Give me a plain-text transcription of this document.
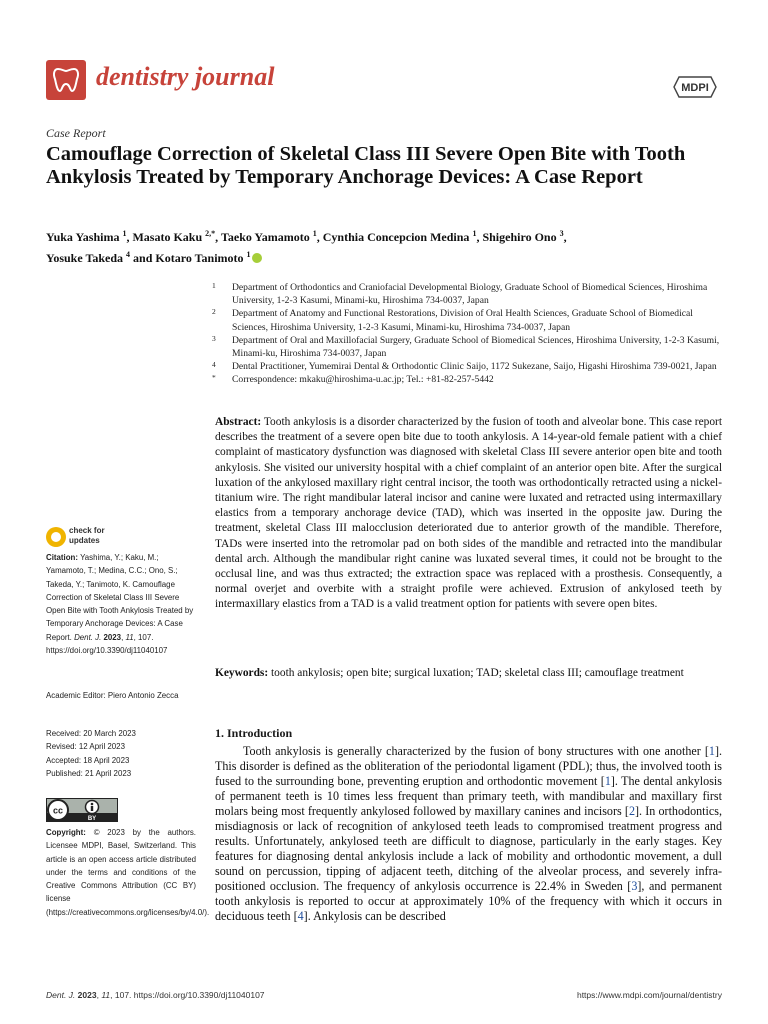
dentistry journal	MDPI
Case Report
Camouflage Correction of Skeletal Class III Severe Open Bite with Tooth Ankylosis Treated by Temporary Anchorage Devices: A Case Report
Yuka Yashima $^1$, Masato Kaku $^{2,*}$, Taeko Yamamoto $^1$, Cynthia Concepcion Medina $^1$, Shigehiro Ono $^3$,
Yosuke Takeda $^4$ and Kotaro Tanimoto $^1$
1 Department of Orthodontics and Craniofacial Developmental Biology, Graduate School of Biomedical Sciences, Hiroshima University, 1-2-3 Kasumi, Minami-ku, Hiroshima 734-0037, Japan
2 Department of Anatomy and Functional Restorations, Division of Oral Health Sciences, Graduate School of Biomedical Sciences, Hiroshima University, 1-2-3 Kasumi, Minami-ku, Hiroshima 734-0037, Japan
3 Department of Oral and Maxillofacial Surgery, Graduate School of Biomedical Sciences, Hiroshima University, 1-2-3 Kasumi, Minami-ku, Hiroshima 734-0037, Japan
4 Dental Practitioner, Yumemirai Dental & Orthodontic Clinic Saijo, 1172 Sukezane, Saijo, Higashi Hiroshima 739-0021, Japan
* Correspondence: mkaku@hiroshima-u.ac.jp; Tel.: +81-82-257-5442

Abstract: Tooth ankylosis is a disorder characterized by the fusion of tooth and alveolar bone. This case report describes the treatment of a severe open bite due to tooth ankylosis. A 14-year-old female patient with a chief complaint of masticatory dysfunction was diagnosed with skeletal Class III severe anterior open bite and tooth ankylosis. She visited our university hospital with a chief complaint of an anterior open bite. After the surgical luxation of the ankylosed maxillary right central incisor, the tooth was orthodontically retracted using a nickel-titanium wire. The right mandibular lateral incisor and canine were luxated and retracted using intermaxillary elastics from a temporary anchorage device (TAD), which was inserted in the opposite jaw. During the treatment, skeletal Class III malocclusion deteriorated due to anterior growth of the mandible. Therefore, TADs were inserted into the retromolar pad on both sides of the mandible and retracted into the mandibular dental arch. Although the mandibular right canine was luxated several times, it could not be brought to the occlusal line, and was thus extracted; the extraction space was replaced with a prosthesis. Consequently, a normal overjet and overbite with a straight profile were achieved. Extrusion of ankylosed teeth by intermaxillary elastics from a TAD is a valid treatment option for patients with severe open bites.

Keywords: tooth ankylosis; open bite; surgical luxation; TAD; skeletal class III; camouflage treatment

check for
updates
Citation: Yashima, Y.; Kaku, M.; Yamamoto, T.; Medina, C.C.; Ono, S.; Takeda, Y.; Tanimoto, K. Camouflage Correction of Skeletal Class III Severe Open Bite with Tooth Ankylosis Treated by Temporary Anchorage Devices: A Case Report. Dent. J. 2023, 11, 107. https://doi.org/10.3390/dj11040107
Academic Editor: Piero Antonio Zecca
Received: 20 March 2023
Revised: 12 April 2023
Accepted: 18 April 2023
Published: 21 April 2023
cc
BY
Copyright: © 2023 by the authors. Licensee MDPI, Basel, Switzerland. This article is an open access article distributed under the terms and conditions of the Creative Commons Attribution (CC BY) license (https://creativecommons.org/licenses/by/4.0/).
1. Introduction

Tooth ankylosis is generally characterized by the fusion of bony structures with one another [1]. This disorder is defined as the obliteration of the periodontal ligament (PDL); thus, the involved tooth is fused to the surrounding bone, preventing eruption and orthodontic movement [1]. The dental ankylosis of permanent teeth is 10 times less frequent than primary teeth, with mandibular and maxillary first molars being most frequently ankylosed followed by maxillary canines and incisors [2]. In orthodontics, misdiagnosis or lack of recognition of ankylosed teeth leads to compromised treatment progress and results. Unfortunately, ankylosed teeth are difficult to diagnose, particularly in the early stages. Key features for diagnosing dental ankylosis include a lack of mobility and orthodontic movement, a dull sound on percussion, tipping of adjacent teeth, ditching of the alveolar process, and severely infra-positioned occlusion. The frequency of ankylosis occurrence is 22.4% in Sweden [3], and permanent tooth ankylosis is reported to occur at approximately 10% of the frequency with which it occurs in deciduous teeth [4]. Ankylosis can be described

Dent. J. 2023, 11, 107. https://doi.org/10.3390/dj11040107	https://www.mdpi.com/journal/dentistry
